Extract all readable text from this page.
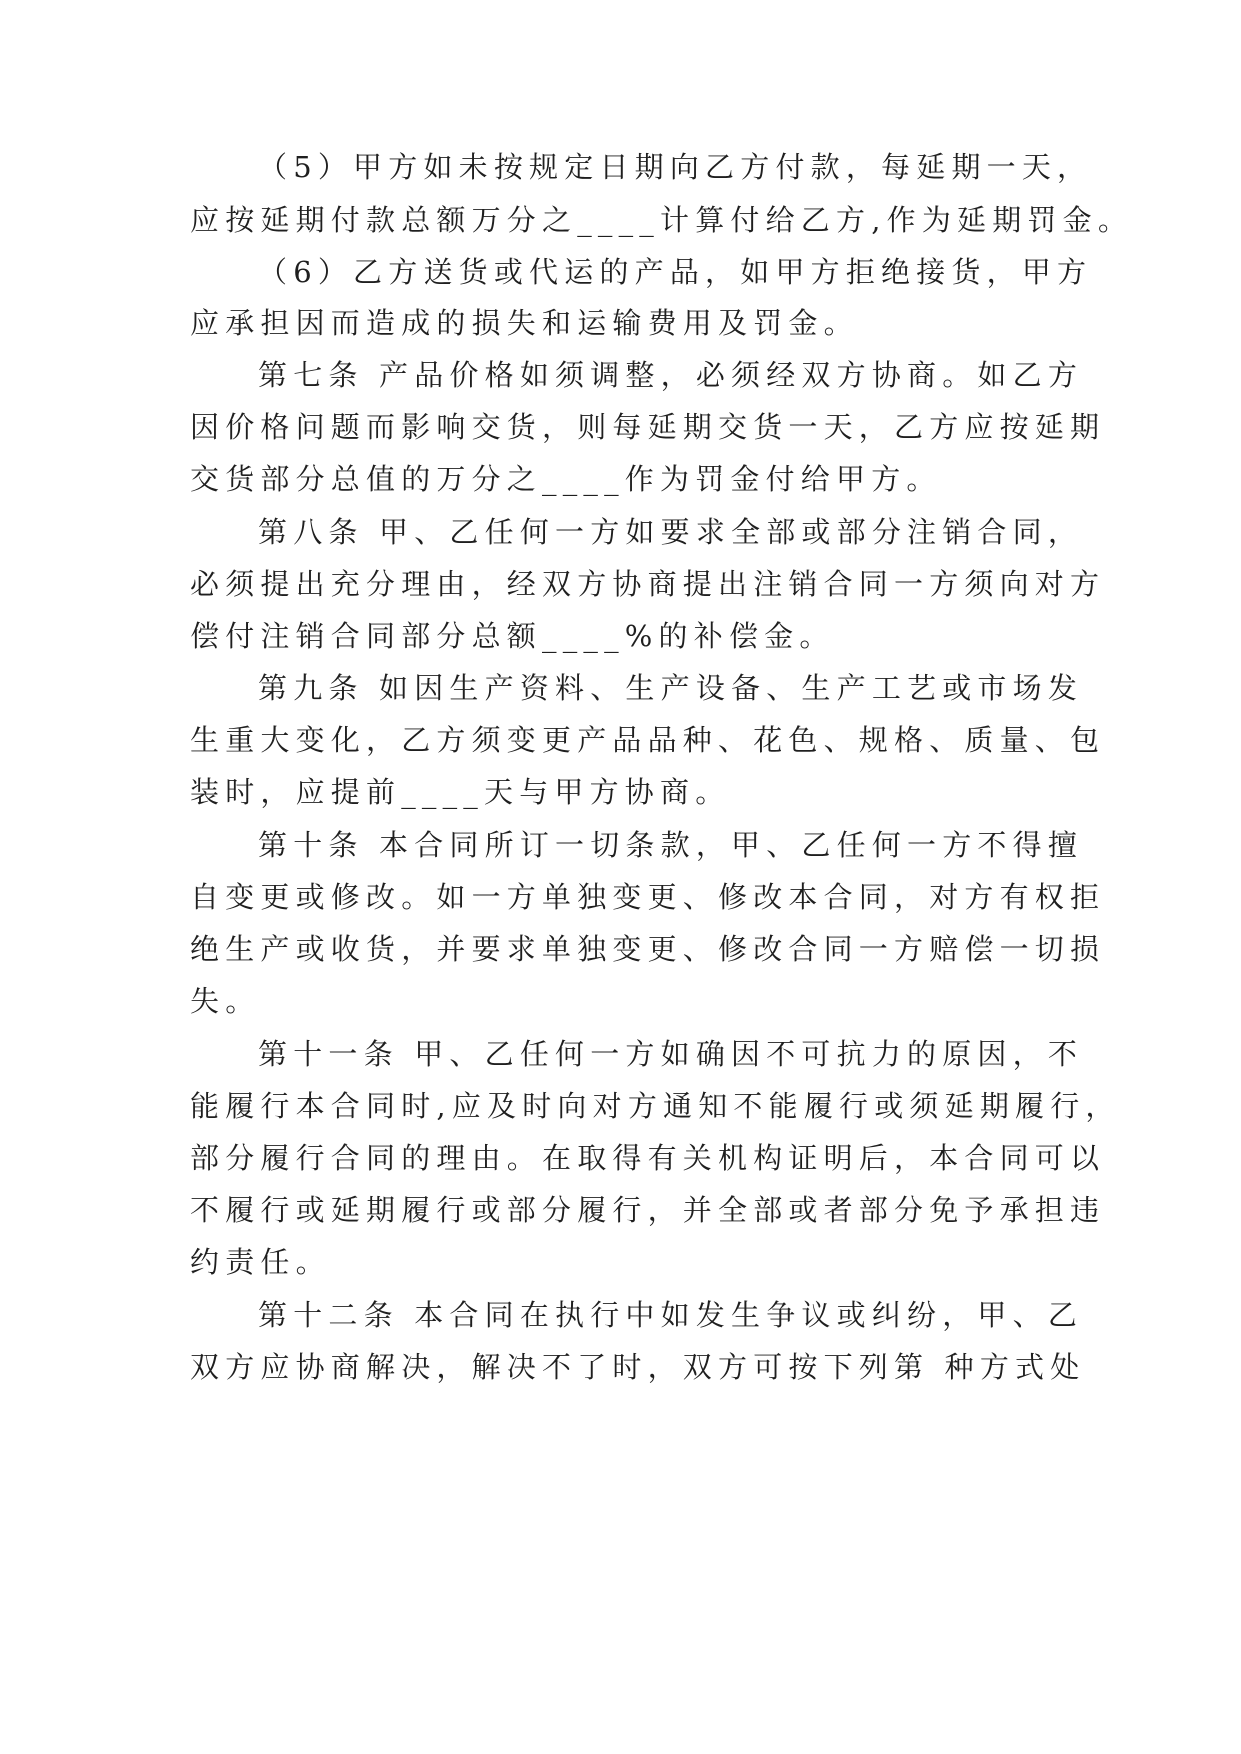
（5）甲方如未按规定日期向乙方付款，每延期一天，
应按延期付款总额万分之____计算付给乙方,作为延期罚金。
（6）乙方送货或代运的产品，如甲方拒绝接货，甲方
应承担因而造成的损失和运输费用及罚金。
第七条 产品价格如须调整，必须经双方协商。如乙方
因价格问题而影响交货，则每延期交货一天，乙方应按延期
交货部分总值的万分之____作为罚金付给甲方。
第八条 甲、乙任何一方如要求全部或部分注销合同，
必须提出充分理由，经双方协商提出注销合同一方须向对方
偿付注销合同部分总额____%的补偿金。
第九条 如因生产资料、生产设备、生产工艺或市场发
生重大变化，乙方须变更产品品种、花色、规格、质量、包
装时，应提前____天与甲方协商。
第十条 本合同所订一切条款，甲、乙任何一方不得擅
自变更或修改。如一方单独变更、修改本合同，对方有权拒
绝生产或收货，并要求单独变更、修改合同一方赔偿一切损
失。
第十一条 甲、乙任何一方如确因不可抗力的原因，不
能履行本合同时,应及时向对方通知不能履行或须延期履行，
部分履行合同的理由。在取得有关机构证明后，本合同可以
不履行或延期履行或部分履行，并全部或者部分免予承担违
约责任。
第十二条 本合同在执行中如发生争议或纠纷，甲、乙
双方应协商解决，解决不了时，双方可按下列第 种方式处
